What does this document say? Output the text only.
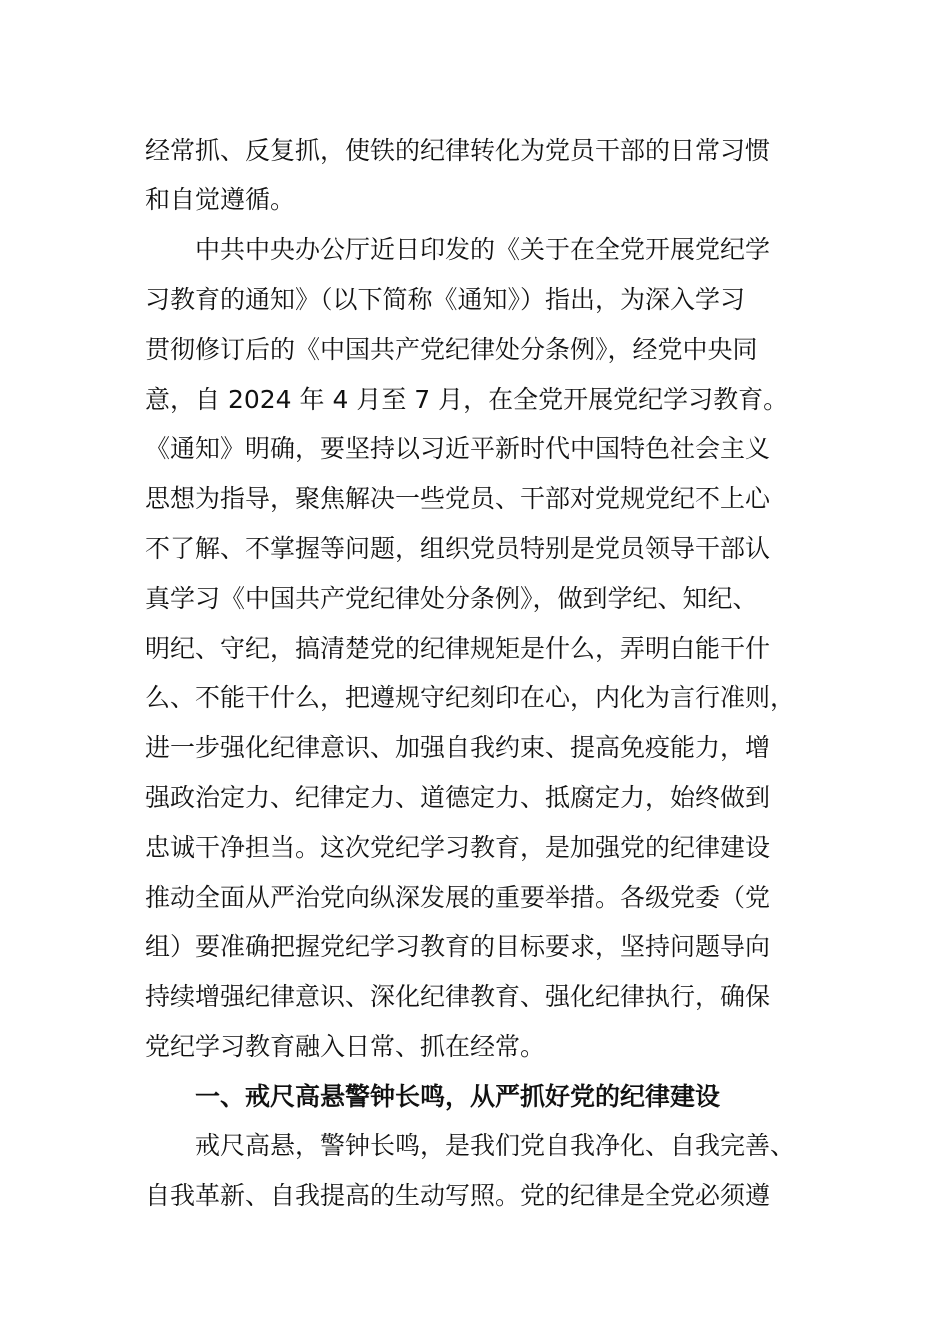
经常抓、反复抓，使铁的纪律转化为党员干部的日常习惯
和自觉遵循。
中共中央办公厅近日印发的《关于在全党开展党纪学
习教育的通知》（以下简称《通知》）指出，为深入学习
贯彻修订后的《中国共产党纪律处分条例》，经党中央同
意，自 2024 年 4 月至 7 月，在全党开展党纪学习教育。
《通知》明确，要坚持以习近平新时代中国特色社会主义
思想为指导，聚焦解决一些党员、干部对党规党纪不上心
不了解、不掌握等问题，组织党员特别是党员领导干部认
真学习《中国共产党纪律处分条例》，做到学纪、知纪、
明纪、守纪，搞清楚党的纪律规矩是什么，弄明白能干什
么、不能干什么，把遵规守纪刻印在心，内化为言行准则，
进一步强化纪律意识、加强自我约束、提高免疫能力，增
强政治定力、纪律定力、道德定力、抵腐定力，始终做到
忠诚干净担当。这次党纪学习教育，是加强党的纪律建设
推动全面从严治党向纵深发展的重要举措。各级党委（党
组）要准确把握党纪学习教育的目标要求，坚持问题导向
持续增强纪律意识、深化纪律教育、强化纪律执行，确保
党纪学习教育融入日常、抓在经常。
一、戒尺高悬警钟长鸣，从严抓好党的纪律建设
戒尺高悬，警钟长鸣，是我们党自我净化、自我完善、
自我革新、自我提高的生动写照。党的纪律是全党必须遵
